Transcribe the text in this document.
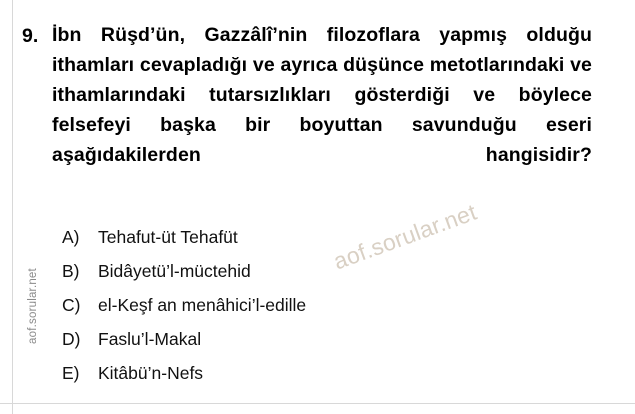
aof.sorular.net
9. İbn Rüşd’ün, Gazzâlî’nin filozoflara yapmış olduğu ithamları cevapladığı ve ayrıca düşünce metotlarındaki ve ithamlarındaki tutarsızlıkları gösterdiği ve böylece felsefeyi başka bir boyuttan savunduğu eseri aşağıdakilerden hangisidir?
A)	Tehafut-üt Tehafüt
B)	Bidâyetü’l-müctehid
C)	el-Keşf an menâhici’l-edille
D)	Faslu’l-Makal
E)	Kitâbü’n-Nefs
aof.sorular.net
